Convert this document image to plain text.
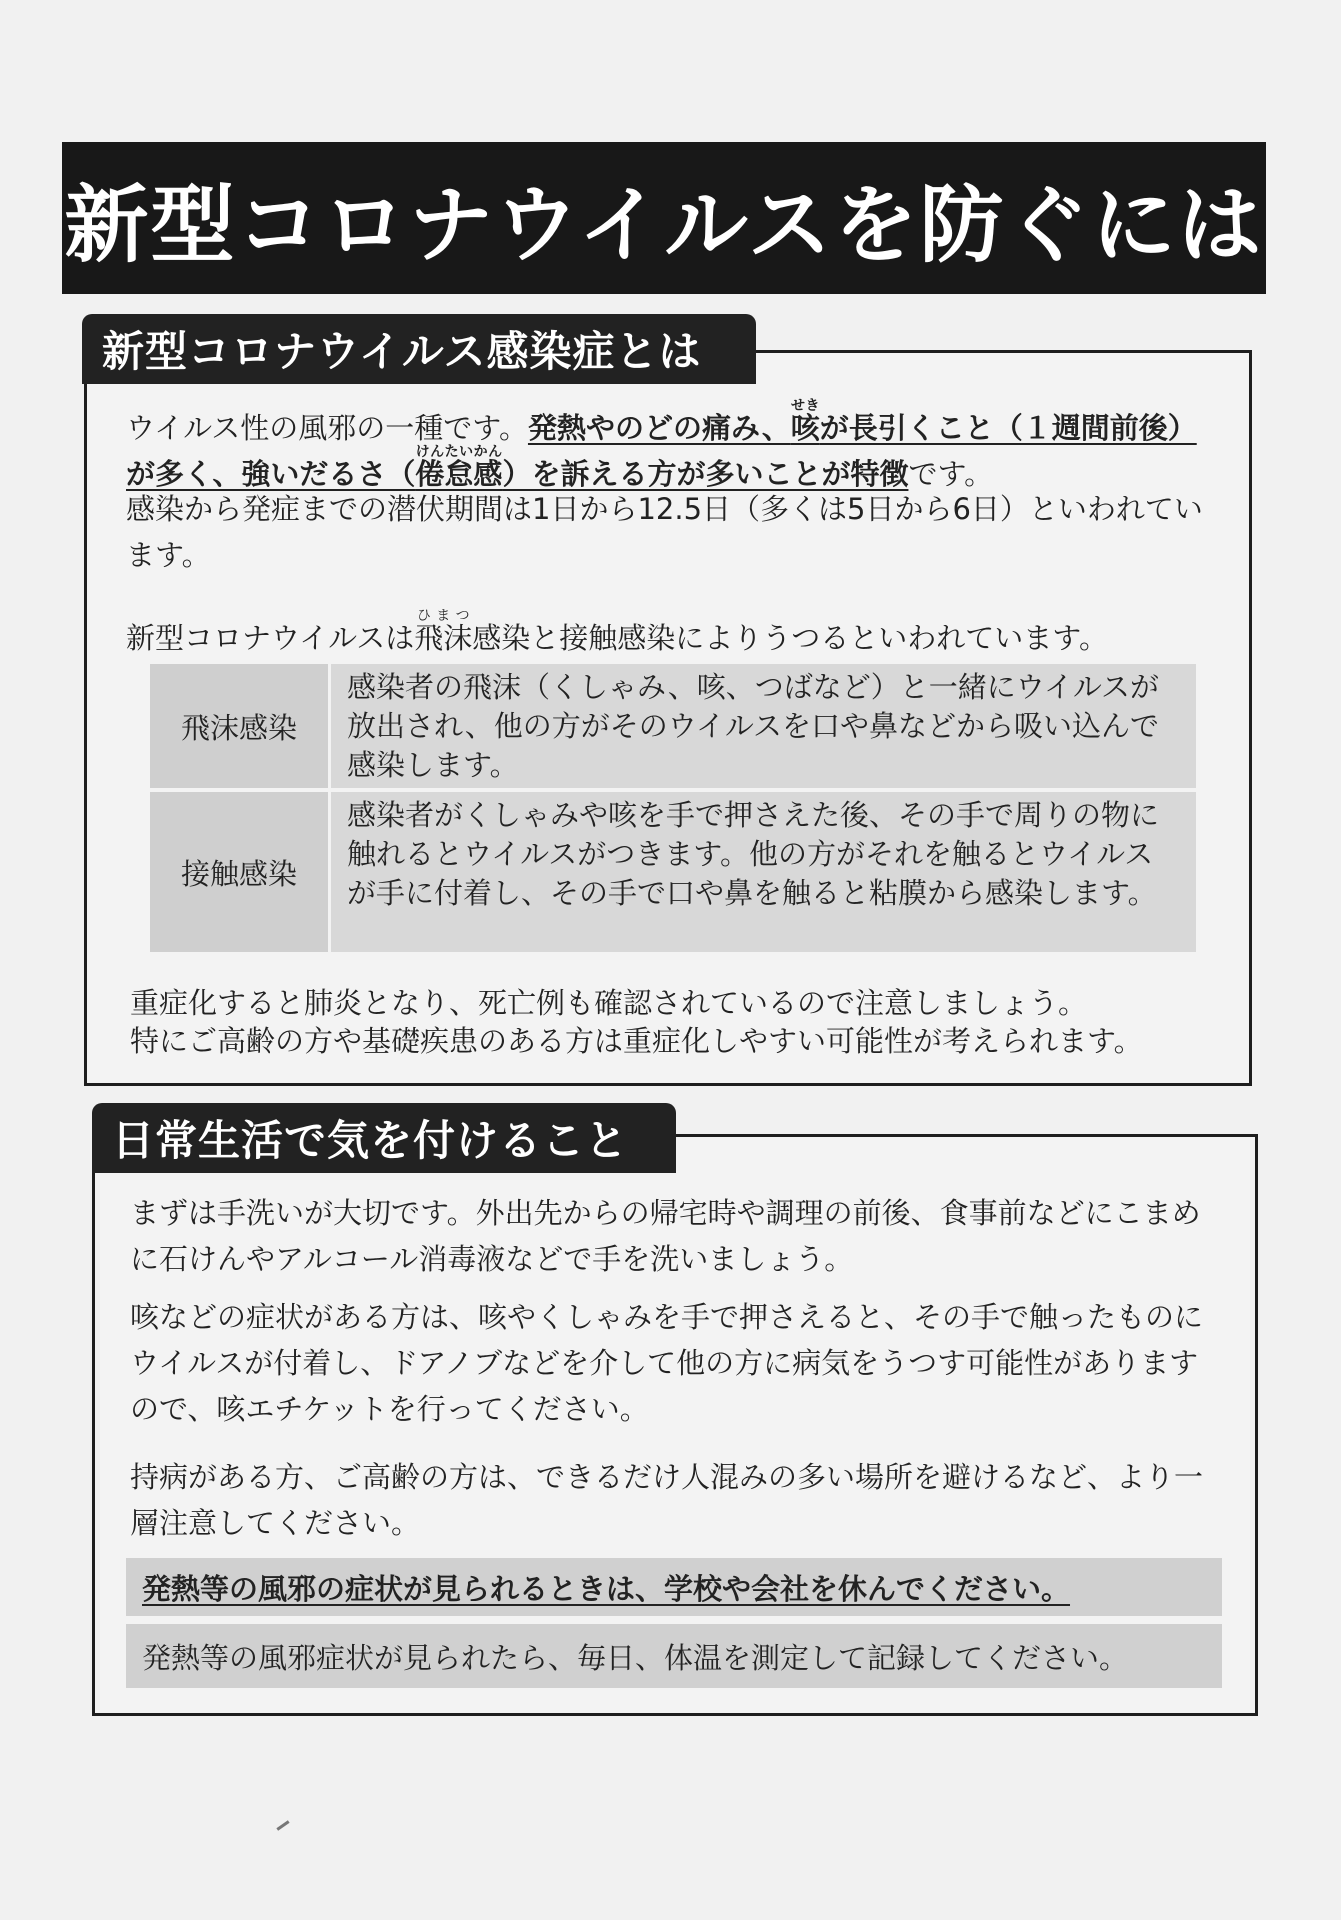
新型コロナウイルスを防ぐには
新型コロナウイルス感染症とは

ウイルス性の風邪の一種です。発熱やのどの痛み、咳せきが長引くこと（１週間前後）が多く、強いだるさ（倦怠感けんたいかん）を訴える方が多いことが特徴です。

感染から発症までの潜伏期間は1日から12.5日（多くは5日から6日）といわれています。

新型コロナウイルスは飛沫ひまつ感染と接触感染によりうつるといわれています。

飛沫感染
感染者の飛沫（くしゃみ、咳、つばなど）と一緒にウイルスが放出され、他の方がそのウイルスを口や鼻などから吸い込んで感染します。
接触感染
感染者がくしゃみや咳を手で押さえた後、その手で周りの物に触れるとウイルスがつきます。他の方がそれを触るとウイルスが手に付着し、その手で口や鼻を触ると粘膜から感染します。

重症化すると肺炎となり、死亡例も確認されているので注意しましょう。

特にご高齢の方や基礎疾患のある方は重症化しやすい可能性が考えられます。

日常生活で気を付けること

まずは手洗いが大切です。外出先からの帰宅時や調理の前後、食事前などにこまめに石けんやアルコール消毒液などで手を洗いましょう。

咳などの症状がある方は、咳やくしゃみを手で押さえると、その手で触ったものにウイルスが付着し、ドアノブなどを介して他の方に病気をうつす可能性がありますので、咳エチケットを行ってください。

持病がある方、ご高齢の方は、できるだけ人混みの多い場所を避けるなど、より一層注意してください。

発熱等の風邪の症状が見られるときは、学校や会社を休んでください。
発熱等の風邪症状が見られたら、毎日、体温を測定して記録してください。
